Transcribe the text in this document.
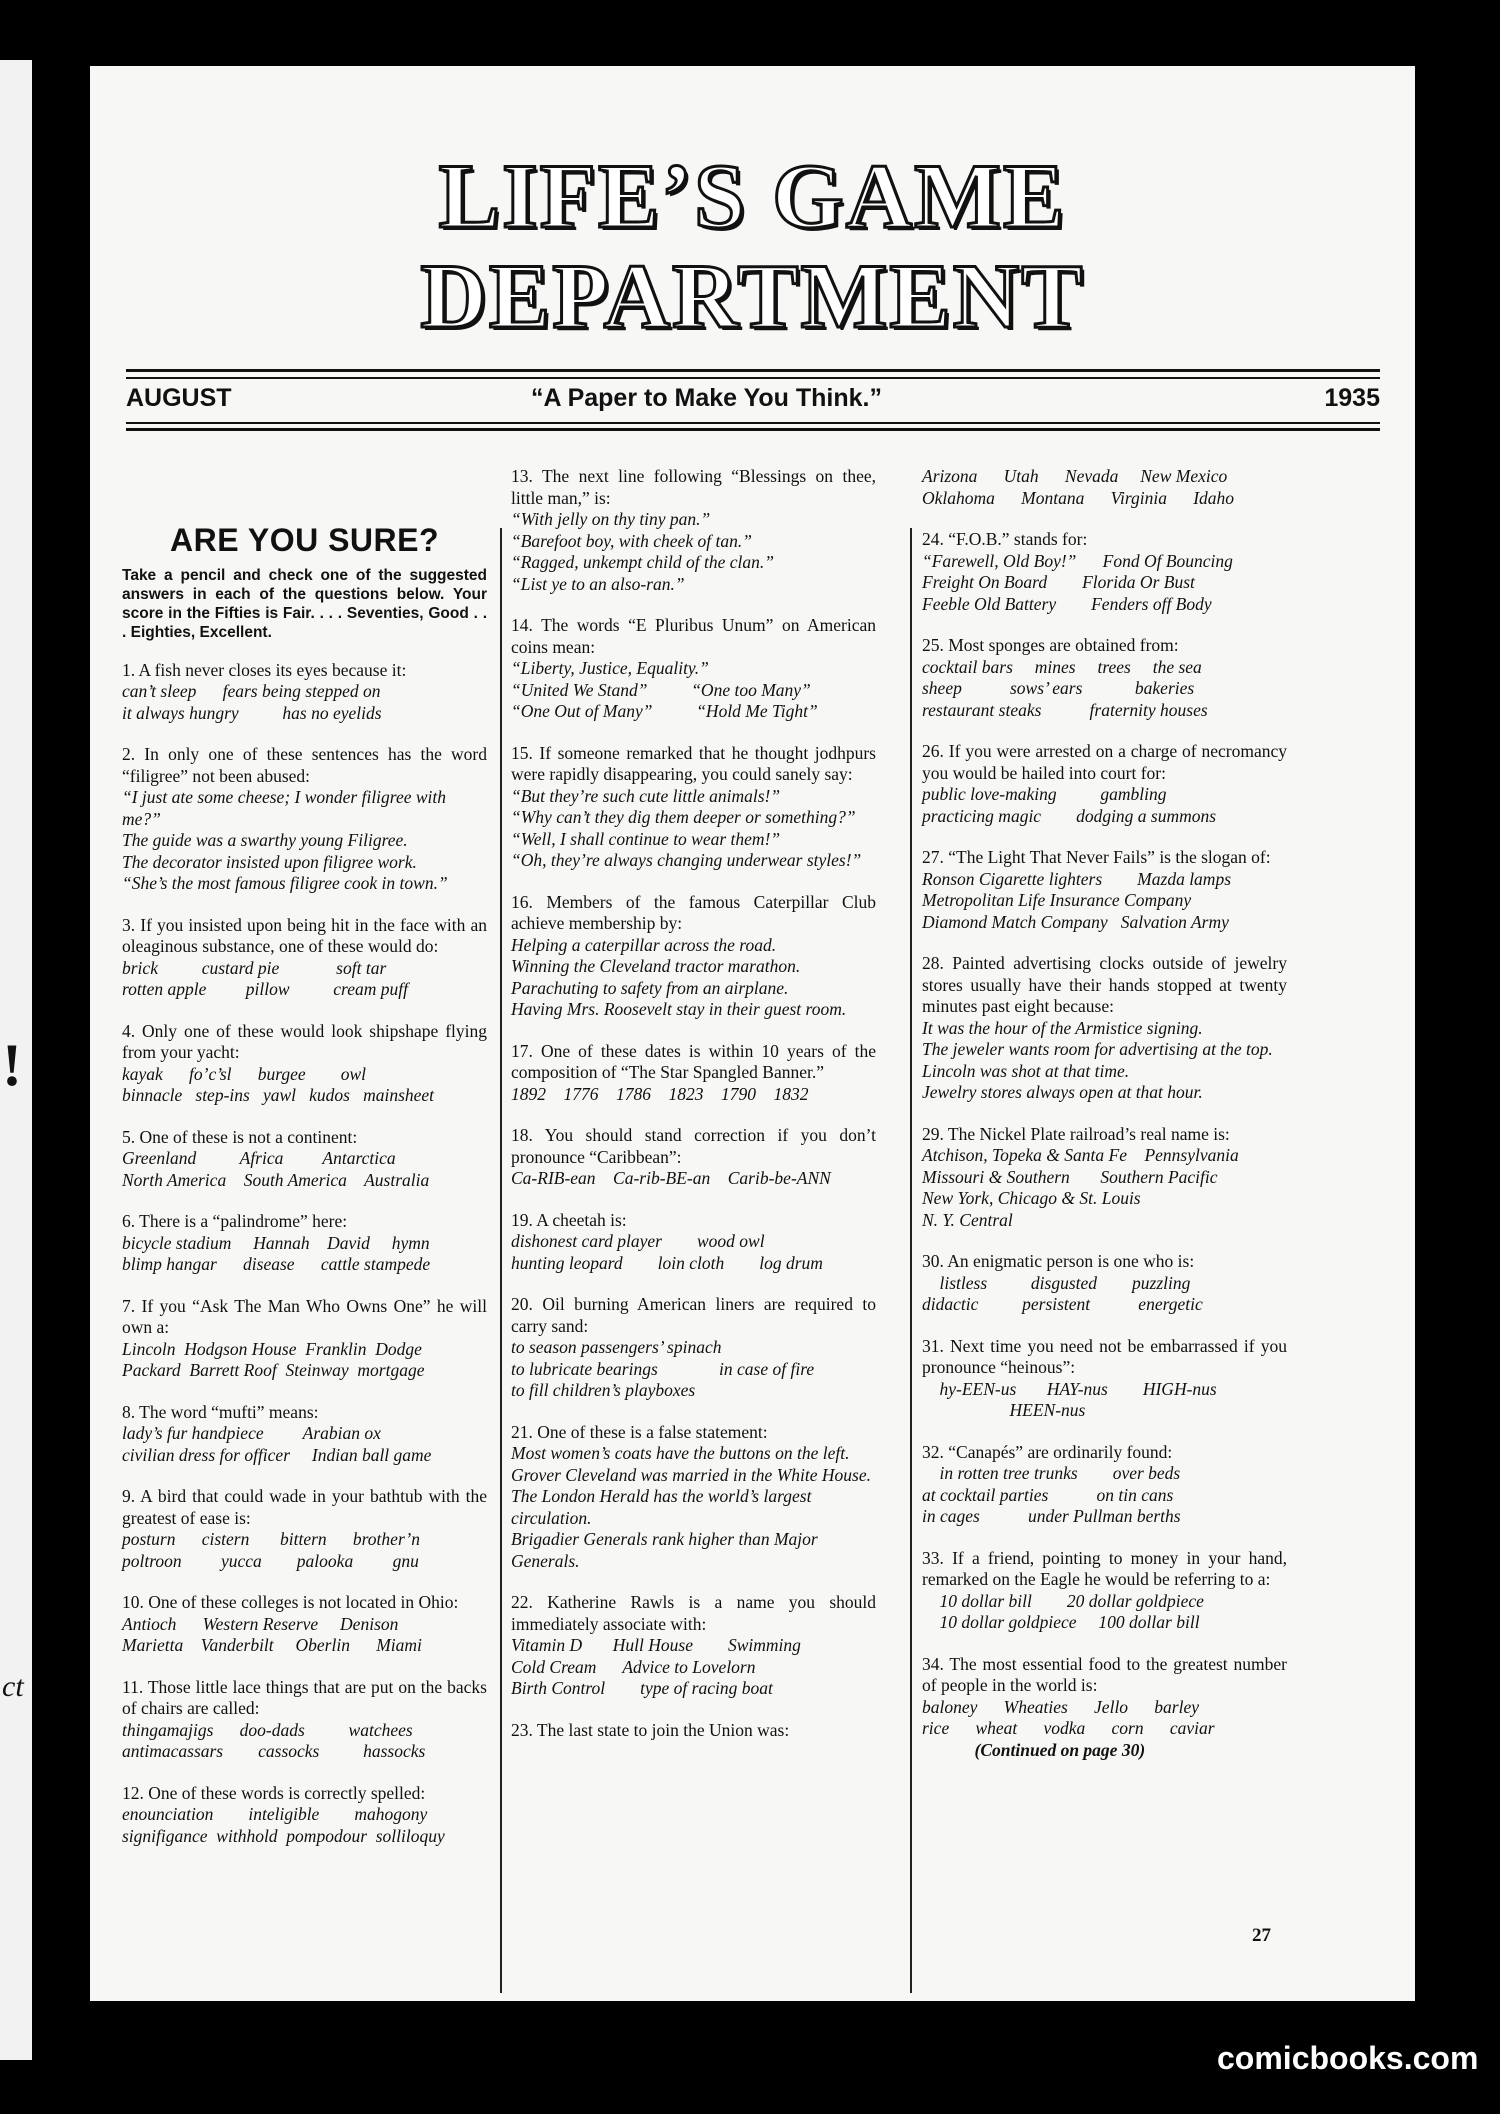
!
ct
LIFE’S GAME
DEPARTMENT
AUGUST	“A Paper to Make You Think.”	1935
ARE YOU SURE?
Take a pencil and check one of the suggested answers in each of the questions below. Your score in the Fifties is Fair. . . . Seventies, Good . . . Eighties, Excellent.
1. A fish never closes its eyes because it:
can’t sleep      fears being stepped on
it always hungry          has no eyelids
2. In only one of these sentences has the word “filigree” not been abused:
“I just ate some cheese; I wonder filigree with me?”
The guide was a swarthy young Filigree.
The decorator insisted upon filigree work.
“She’s the most famous filigree cook in town.”
3. If you insisted upon being hit in the face with an oleaginous substance, one of these would do:
brick          custard pie             soft tar
rotten apple         pillow          cream puff
4. Only one of these would look shipshape flying from your yacht:
kayak      fo’c’sl      burgee        owl
binnacle   step-ins   yawl   kudos   mainsheet
5. One of these is not a continent:
Greenland          Africa         Antarctica
North America    South America    Australia
6. There is a “palindrome” here:
bicycle stadium     Hannah    David     hymn
blimp hangar      disease      cattle stampede
7. If you “Ask The Man Who Owns One” he will own a:
Lincoln  Hodgson House  Franklin  Dodge
Packard  Barrett Roof  Steinway  mortgage
8. The word “mufti” means:
lady’s fur handpiece         Arabian ox
civilian dress for officer     Indian ball game
9. A bird that could wade in your bathtub with the greatest of ease is:
posturn      cistern       bittern      brother’n
poltroon         yucca        palooka         gnu
10. One of these colleges is not located in Ohio:
Antioch      Western Reserve     Denison
Marietta    Vanderbilt     Oberlin      Miami
11. Those little lace things that are put on the backs of chairs are called:
thingamajigs      doo-dads          watchees
antimacassars        cassocks          hassocks
12. One of these words is correctly spelled:
enounciation        inteligible        mahogony
signifigance  withhold  pompodour  solliloquy
13. The next line following “Blessings on thee, little man,” is:
“With jelly on thy tiny pan.”
“Barefoot boy, with cheek of tan.”
“Ragged, unkempt child of the clan.”
“List ye to an also-ran.”
14. The words “E Pluribus Unum” on American coins mean:
“Liberty, Justice, Equality.”
“United We Stand”          “One too Many”
“One Out of Many”          “Hold Me Tight”
15. If someone remarked that he thought jodhpurs were rapidly disappearing, you could sanely say:
“But they’re such cute little animals!”
“Why can’t they dig them deeper or something?”
“Well, I shall continue to wear them!”
“Oh, they’re always changing underwear styles!”
16. Members of the famous Caterpillar Club achieve membership by:
Helping a caterpillar across the road.
Winning the Cleveland tractor marathon.
Parachuting to safety from an airplane.
Having Mrs. Roosevelt stay in their guest room.
17. One of these dates is within 10 years of the composition of “The Star Spangled Banner.”
1892    1776    1786    1823    1790    1832
18. You should stand correction if you don’t pronounce “Caribbean”:
Ca-RIB-ean    Ca-rib-BE-an    Carib-be-ANN
19. A cheetah is:
dishonest card player        wood owl
hunting leopard        loin cloth        log drum
20. Oil burning American liners are required to carry sand:
to season passengers’ spinach
to lubricate bearings              in case of fire
to fill children’s playboxes
21. One of these is a false statement:
Most women’s coats have the buttons on the left.
Grover Cleveland was married in the White House.
The London Herald has the world’s largest circulation.
Brigadier Generals rank higher than Major Generals.
22. Katherine Rawls is a name you should immediately associate with:
Vitamin D       Hull House        Swimming
Cold Cream      Advice to Lovelorn
Birth Control        type of racing boat
23. The last state to join the Union was:
Arizona      Utah      Nevada     New Mexico
Oklahoma      Montana      Virginia      Idaho
24. “F.O.B.” stands for:
“Farewell, Old Boy!”      Fond Of Bouncing
Freight On Board        Florida Or Bust
Feeble Old Battery        Fenders off Body
25. Most sponges are obtained from:
cocktail bars     mines     trees     the sea
sheep           sows’ ears            bakeries
restaurant steaks           fraternity houses
26. If you were arrested on a charge of necromancy you would be hailed into court for:
public love-making          gambling
practicing magic        dodging a summons
27. “The Light That Never Fails” is the slogan of:
Ronson Cigarette lighters        Mazda lamps
Metropolitan Life Insurance Company
Diamond Match Company   Salvation Army
28. Painted advertising clocks outside of jewelry stores usually have their hands stopped at twenty minutes past eight because:
It was the hour of the Armistice signing.
The jeweler wants room for advertising at the top.
Lincoln was shot at that time.
Jewelry stores always open at that hour.
29. The Nickel Plate railroad’s real name is:
Atchison, Topeka & Santa Fe    Pennsylvania
Missouri & Southern       Southern Pacific
New York, Chicago & St. Louis
N. Y. Central
30. An enigmatic person is one who is:
listless          disgusted        puzzling
didactic          persistent           energetic
31. Next time you need not be embarrassed if you pronounce “heinous”:
hy-EEN-us       HAY-nus        HIGH-nus
HEEN-nus
32. “Canapés” are ordinarily found:
in rotten tree trunks        over beds
at cocktail parties           on tin cans
in cages           under Pullman berths
33. If a friend, pointing to money in your hand, remarked on the Eagle he would be referring to a:
10 dollar bill        20 dollar goldpiece
10 dollar goldpiece     100 dollar bill
34. The most essential food to the greatest number of people in the world is:
baloney      Wheaties      Jello      barley
rice      wheat      vodka      corn      caviar
(Continued on page 30)
27
comicbooks.com
